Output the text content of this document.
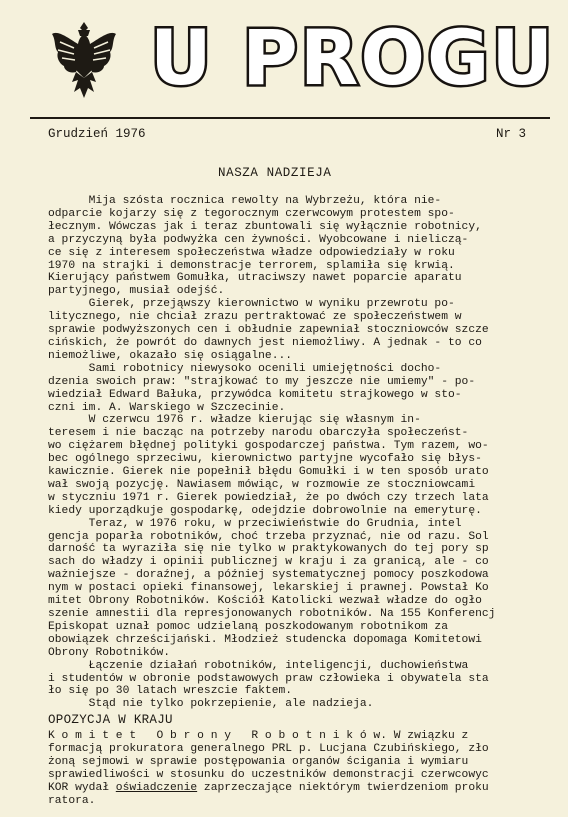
U PROGU
Grudzień 1976	Nr 3
NASZA NADZIEJA
Mija szósta rocznica rewolty na Wybrzeżu, która nie-
odparcie kojarzy się z tegorocznym czerwcowym protestem spo-
łecznym. Wówczas jak i teraz zbuntowali się wyłącznie robotnicy,
a przyczyną była podwyżka cen żywności. Wyobcowane i nieliczą-
ce się z interesem społeczeństwa władze odpowiedziały w roku
1970 na strajki i demonstracje terrorem, splamiła się krwią.
Kierujący państwem Gomułka, utraciwszy nawet poparcie aparatu
partyjnego, musiał odejść.
Gierek, przejąwszy kierownictwo w wyniku przewrotu po-
litycznego, nie chciał zrazu pertraktować ze społeczeństwem w
sprawie podwyższonych cen i obłudnie zapewniał stoczniowców szcze
cińskich, że powrót do dawnych jest niemożliwy. A jednak - to co
niemożliwe, okazało się osiągalne...
Sami robotnicy niewysoko ocenili umiejętności docho-
dzenia swoich praw: "strajkować to my jeszcze nie umiemy" - po-
wiedział Edward Bałuka, przywódca komitetu strajkowego w sto-
czni im. A. Warskiego w Szczecinie.
W czerwcu 1976 r. władze kierując się własnym in-
teresem i nie bacząc na potrzeby narodu obarczyła społeczeńst-
wo ciężarem błędnej polityki gospodarczej państwa. Tym razem, wo-
bec ogólnego sprzeciwu, kierownictwo partyjne wycofało się błys-
kawicznie. Gierek nie popełnił błędu Gomułki i w ten sposób urato
wał swoją pozycję. Nawiasem mówiąc, w rozmowie ze stoczniowcami
w styczniu 1971 r. Gierek powiedział, że po dwóch czy trzech lata
kiedy uporządkuje gospodarkę, odejdzie dobrowolnie na emeryturę.
Teraz, w 1976 roku, w przeciwieństwie do Grudnia, intel
gencja poparła robotników, choć trzeba przyznać, nie od razu. Sol
darność ta wyraziła się nie tylko w praktykowanych do tej pory sp
sach do władzy i opinii publicznej w kraju i za granicą, ale - co
ważniejsze - doraźnej, a później systematycznej pomocy poszkodowa
nym w postaci opieki finansowej, lekarskiej i prawnej. Powstał Ko
mitet Obrony Robotników. Kościół Katolicki wezwał władze do ogło
szenie amnestii dla represjonowanych robotników. Na 155 Konferencj
Episkopat uznał pomoc udzielaną poszkodowanym robotnikom za
obowiązek chrześcijański. Młodzież studencka dopomaga Komitetowi
Obrony Robotników.
Łączenie działań robotników, inteligencji, duchowieństwa
i studentów w obronie podstawowych praw człowieka i obywatela sta
ło się po 30 latach wreszcie faktem.
Stąd nie tylko pokrzepienie, ale nadzieja.
OPOZYCJA W KRAJU
K o m i t e t   O b r o n y   R o b o t n i k ó w. W związku z
formacją prokuratora generalnego PRL p. Lucjana Czubińskiego, zło
żoną sejmowi w sprawie postępowania organów ścigania i wymiaru
sprawiedliwości w stosunku do uczestników demonstracji czerwcowyc
KOR wydał oświadczenie zaprzeczające niektórym twierdzeniom proku
ratora.
